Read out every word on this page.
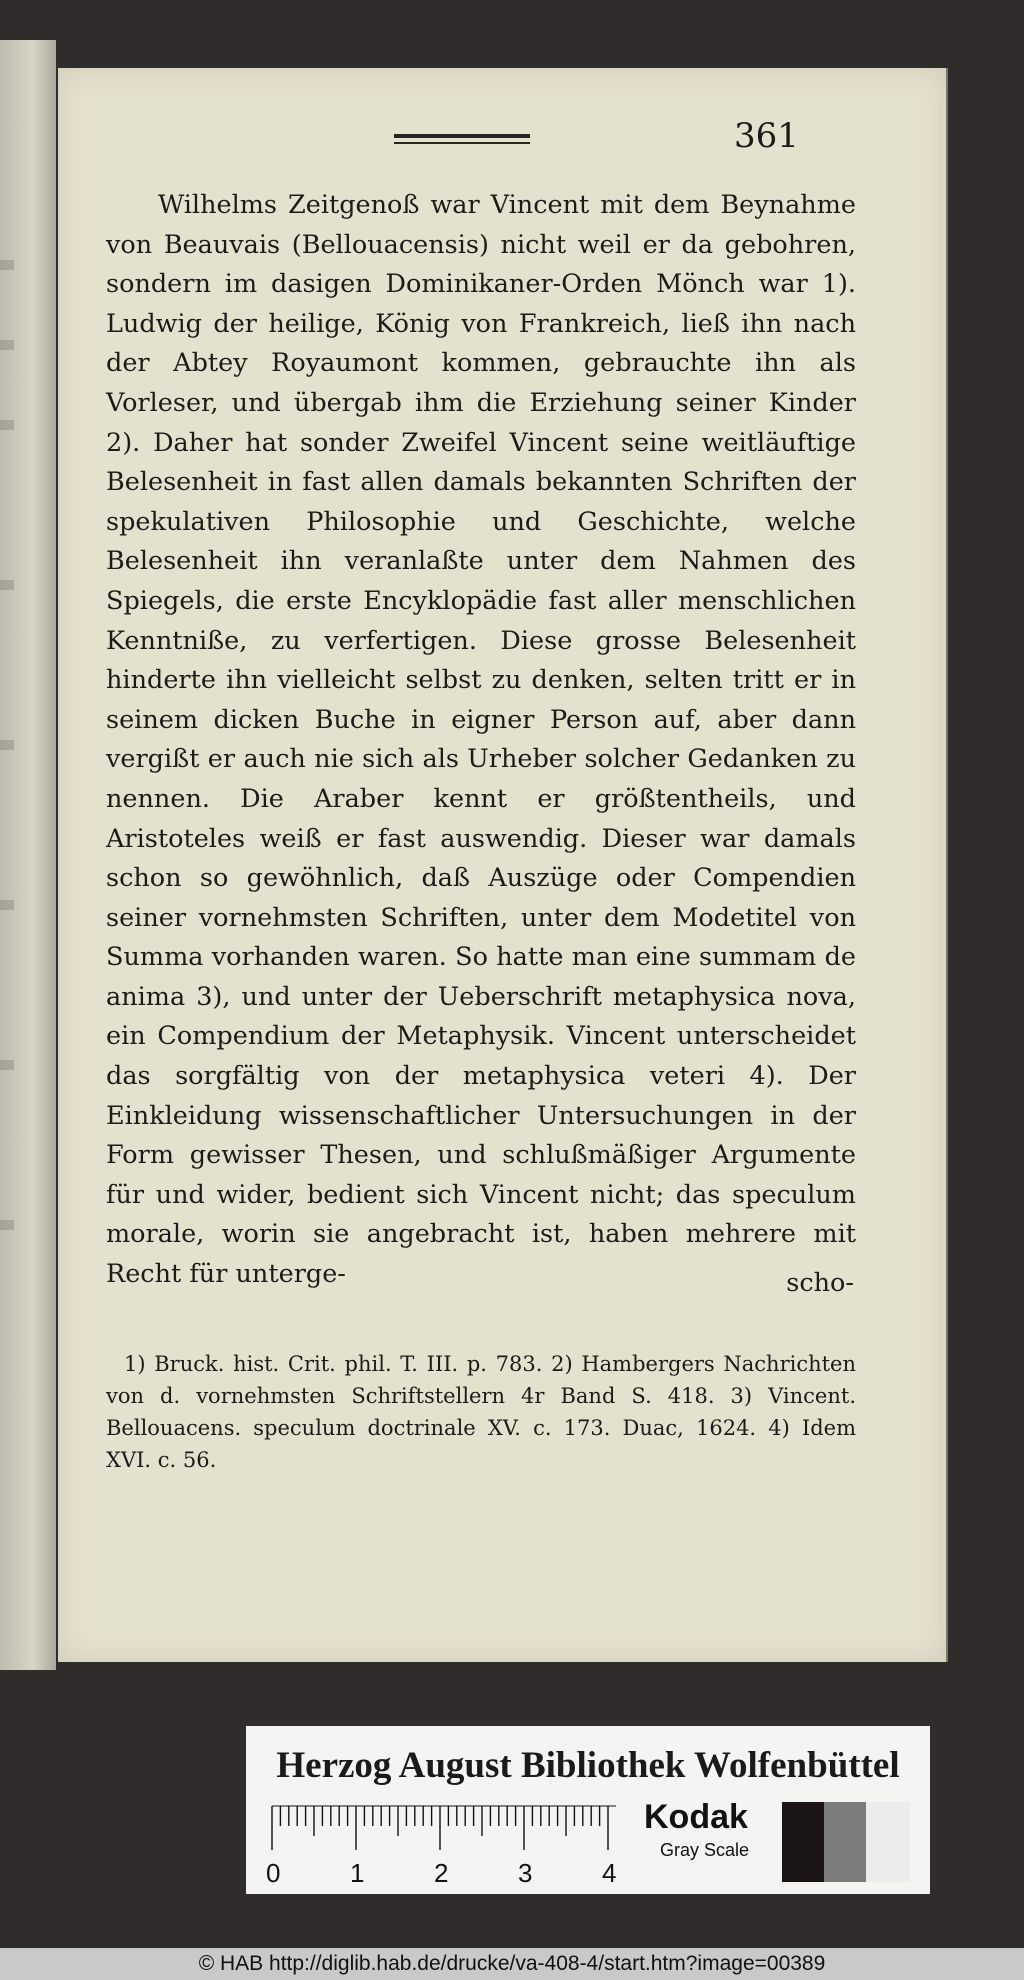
361

Wilhelms Zeitgenoß war Vincent mit dem Beynahme von Beauvais (Bellouacensis) nicht weil er da gebohren, sondern im dasigen Dominikaner-Orden Mönch war 1). Ludwig der heilige, König von Frankreich, ließ ihn nach der Abtey Royaumont kommen, gebrauchte ihn als Vorleser, und übergab ihm die Erziehung seiner Kinder 2). Daher hat sonder Zweifel Vincent seine weitläuftige Belesenheit in fast allen damals bekannten Schriften der spekulativen Philosophie und Geschichte, welche Belesenheit ihn veranlaßte unter dem Nahmen des Spiegels, die erste Encyklopädie fast aller menschlichen Kenntniße, zu verfertigen. Diese grosse Belesenheit hinderte ihn vielleicht selbst zu denken, selten tritt er in seinem dicken Buche in eigner Person auf, aber dann vergißt er auch nie sich als Urheber solcher Gedanken zu nennen. Die Araber kennt er größtentheils, und Aristoteles weiß er fast auswendig. Dieser war damals schon so gewöhnlich, daß Auszüge oder Compendien seiner vornehmsten Schriften, unter dem Modetitel von Summa vorhanden waren. So hatte man eine summam de anima 3), und unter der Ueberschrift metaphysica nova, ein Compendium der Metaphysik. Vincent unterscheidet das sorgfältig von der metaphysica veteri 4). Der Einkleidung wissenschaftlicher Untersuchungen in der Form gewisser Thesen, und schlußmäßiger Argumente für und wider, bedient sich Vincent nicht; das speculum morale, worin sie angebracht ist, haben mehrere mit Recht für unterge-	scho-

1) Bruck. hist. Crit. phil. T. III. p. 783. 2) Hambergers Nachrichten von d. vornehmsten Schriftstellern 4r Band S. 418. 3) Vincent. Bellouacens. speculum doctrinale XV. c. 173. Duac, 1624. 4) Idem XVI. c. 56.

Herzog August Bibliothek Wolfenbüttel
0	1	2	3	4
Kodak
Gray Scale
© HAB http://diglib.hab.de/drucke/va-408-4/start.htm?image=00389
